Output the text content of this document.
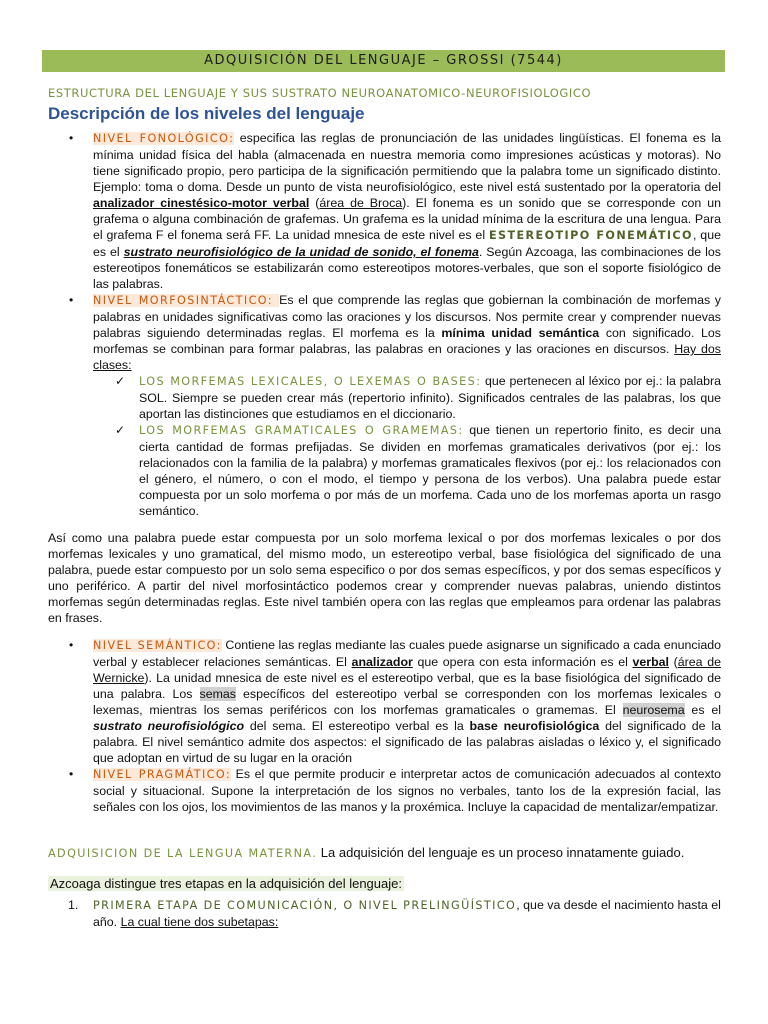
ADQUISICIÓN DEL LENGUAJE – GROSSI (7544)
ESTRUCTURA DEL LENGUAJE Y SUS SUSTRATO NEUROANATOMICO-NEUROFISIOLOGICO
Descripción de los niveles del lenguaje
• NIVEL FONOLÓGICO: especifica las reglas de pronunciación de las unidades lingüísticas. El fonema es la mínima unidad física del habla (almacenada en nuestra memoria como impresiones acústicas y motoras). No tiene significado propio, pero participa de la significación permitiendo que la palabra tome un significado distinto. Ejemplo: toma o doma. Desde un punto de vista neurofisiológico, este nivel está sustentado por la operatoria del analizador cinestésico-motor verbal (área de Broca). El fonema es un sonido que se corresponde con un grafema o alguna combinación de grafemas. Un grafema es la unidad mínima de la escritura de una lengua. Para el grafema F el fonema será FF. La unidad mnesica de este nivel es el ESTEREOTIPO FONEMÁTICO, que es el sustrato neurofisiológico de la unidad de sonido, el fonema. Según Azcoaga, las combinaciones de los estereotipos fonemáticos se estabilizarán como estereotipos motores-verbales, que son el soporte fisiológico de las palabras.
• NIVEL MORFOSINTÁCTICO: Es el que comprende las reglas que gobiernan la combinación de morfemas y palabras en unidades significativas como las oraciones y los discursos. Nos permite crear y comprender nuevas palabras siguiendo determinadas reglas. El morfema es la mínima unidad semántica con significado. Los morfemas se combinan para formar palabras, las palabras en oraciones y las oraciones en discursos. Hay dos clases:
✓ LOS MORFEMAS LEXICALES, O LEXEMAS O BASES: que pertenecen al léxico por ej.: la palabra SOL. Siempre se pueden crear más (repertorio infinito). Significados centrales de las palabras, los que aportan las distinciones que estudiamos en el diccionario.
✓ LOS MORFEMAS GRAMATICALES O GRAMEMAS: que tienen un repertorio finito, es decir una cierta cantidad de formas prefijadas. Se dividen en morfemas gramaticales derivativos (por ej.: los relacionados con la familia de la palabra) y morfemas gramaticales flexivos (por ej.: los relacionados con el género, el número, o con el modo, el tiempo y persona de los verbos). Una palabra puede estar compuesta por un solo morfema o por más de un morfema. Cada uno de los morfemas aporta un rasgo semántico.
Así como una palabra puede estar compuesta por un solo morfema lexical o por dos morfemas lexicales o por dos morfemas lexicales y uno gramatical, del mismo modo, un estereotipo verbal, base fisiológica del significado de una palabra, puede estar compuesto por un solo sema especifico o por dos semas específicos, y por dos semas específicos y uno periférico. A partir del nivel morfosintáctico podemos crear y comprender nuevas palabras, uniendo distintos morfemas según determinadas reglas. Este nivel también opera con las reglas que empleamos para ordenar las palabras en frases.
• NIVEL SEMÁNTICO: Contiene las reglas mediante las cuales puede asignarse un significado a cada enunciado verbal y establecer relaciones semánticas. El analizador que opera con esta información es el verbal (área de Wernicke). La unidad mnesica de este nivel es el estereotipo verbal, que es la base fisiológica del significado de una palabra. Los semas específicos del estereotipo verbal se corresponden con los morfemas lexicales o lexemas, mientras los semas periféricos con los morfemas gramaticales o gramemas. El neurosema es el sustrato neurofisiológico del sema. El estereotipo verbal es la base neurofisiológica del significado de la palabra. El nivel semántico admite dos aspectos: el significado de las palabras aisladas o léxico y, el significado que adoptan en virtud de su lugar en la oración
• NIVEL PRAGMÁTICO: Es el que permite producir e interpretar actos de comunicación adecuados al contexto social y situacional. Supone la interpretación de los signos no verbales, tanto los de la expresión facial, las señales con los ojos, los movimientos de las manos y la proxémica. Incluye la capacidad de mentalizar/empatizar.
ADQUISICION DE LA LENGUA MATERNA. La adquisición del lenguaje es un proceso innatamente guiado.
Azcoaga distingue tres etapas en la adquisición del lenguaje:
1. PRIMERA ETAPA DE COMUNICACIÓN, O NIVEL PRELINGÜÍSTICO, que va desde el nacimiento hasta el año. La cual tiene dos subetapas:
